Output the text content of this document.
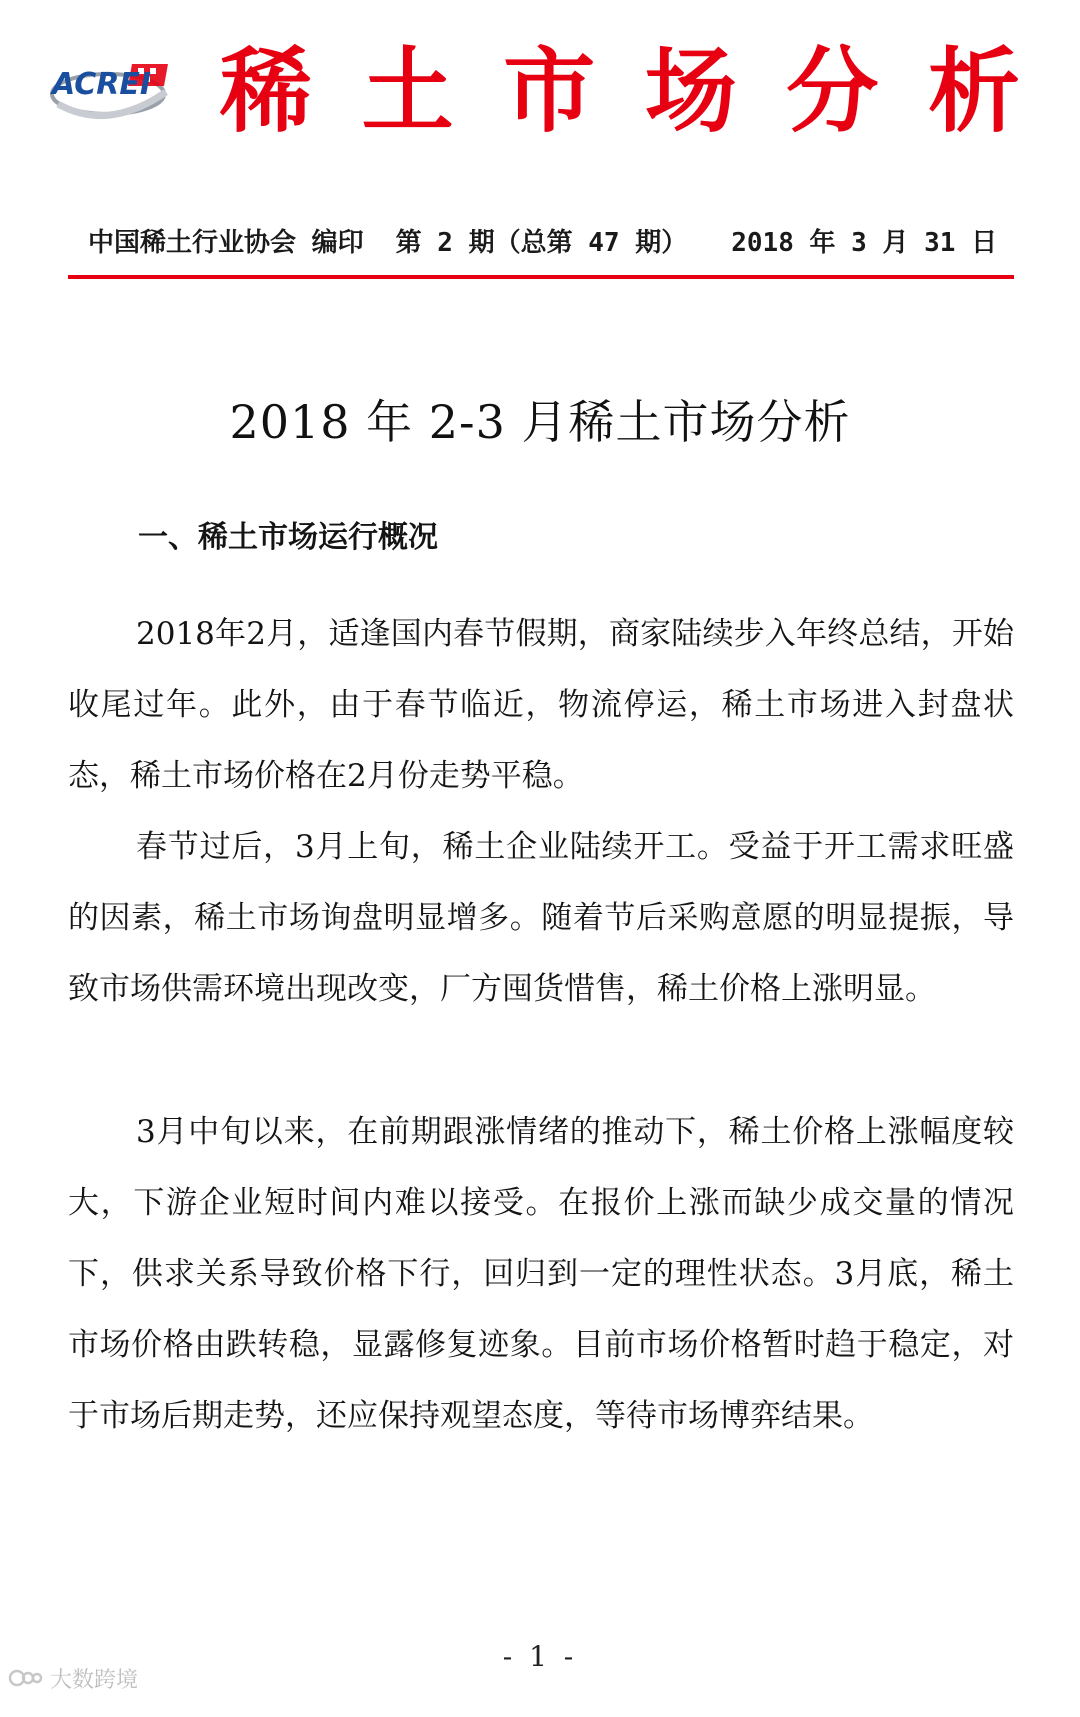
ACREI 稀 土 市 场 分 析
中国稀土行业协会 编印 第 2 期（总第 47 期） 2018 年 3 月 31 日
2018 年 2-3 月稀土市场分析
一、稀土市场运行概况

2018年2月，适逢国内春节假期，商家陆续步入年终总结，开始收尾过年。此外，由于春节临近，物流停运，稀土市场进入封盘状态，稀土市场价格在2月份走势平稳。

春节过后，3月上旬，稀土企业陆续开工。受益于开工需求旺盛的因素，稀土市场询盘明显增多。随着节后采购意愿的明显提振，导致市场供需环境出现改变，厂方囤货惜售，稀土价格上涨明显。

3月中旬以来，在前期跟涨情绪的推动下，稀土价格上涨幅度较大，下游企业短时间内难以接受。在报价上涨而缺少成交量的情况下，供求关系导致价格下行，回归到一定的理性状态。3月底，稀土市场价格由跌转稳，显露修复迹象。目前市场价格暂时趋于稳定，对于市场后期走势，还应保持观望态度，等待市场博弈结果。

- 1 -
大数跨境
